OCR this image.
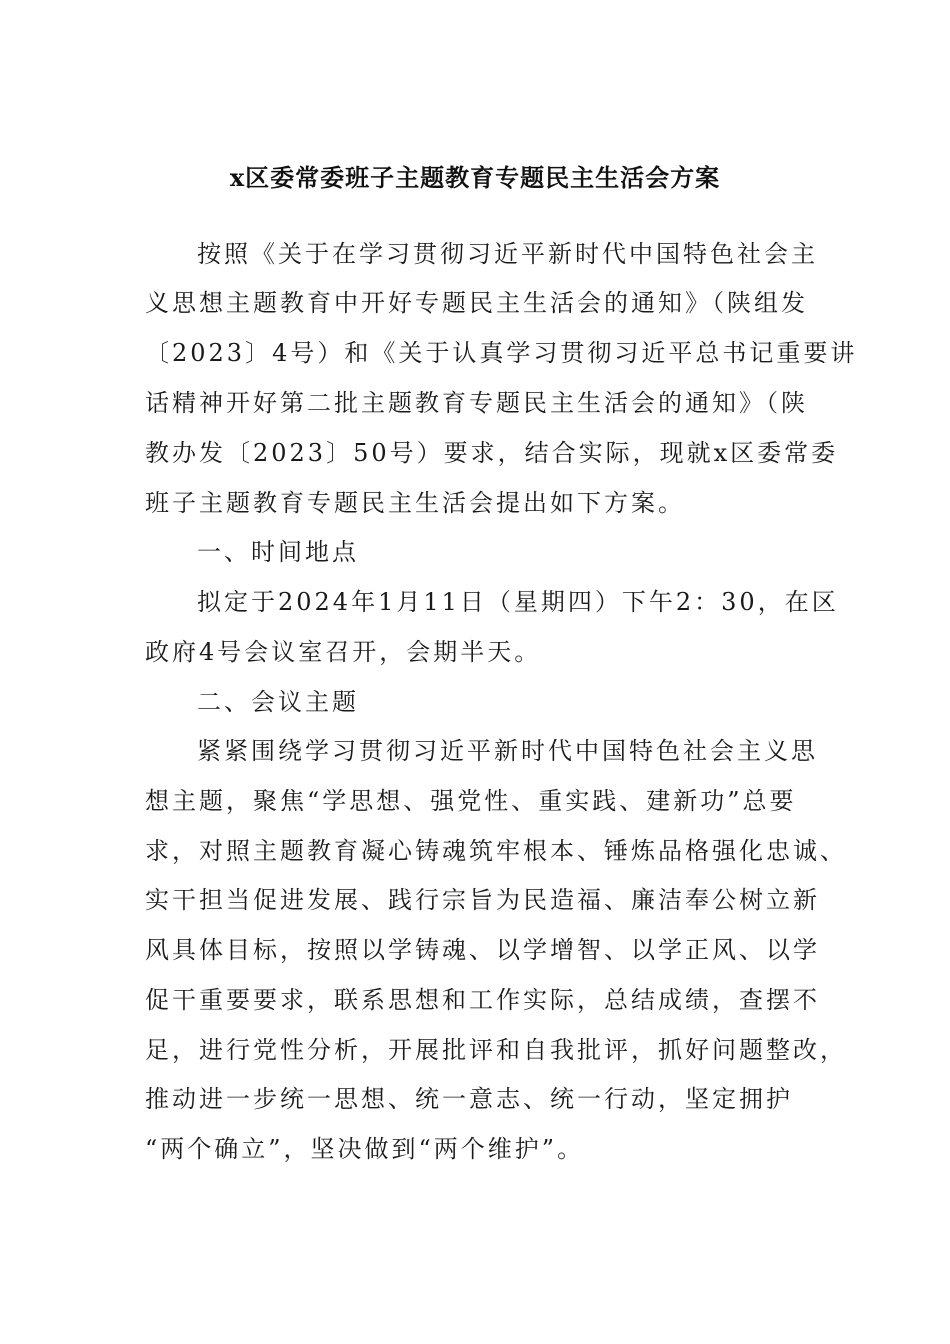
x区委常委班子主题教育专题民主生活会方案
按照《关于在学习贯彻习近平新时代中国特色社会主
义思想主题教育中开好专题民主生活会的通知》（陕组发
〔2023〕4号）和《关于认真学习贯彻习近平总书记重要讲
话精神开好第二批主题教育专题民主生活会的通知》（陕
教办发〔2023〕50号）要求，结合实际，现就x区委常委
班子主题教育专题民主生活会提出如下方案。
一、时间地点
拟定于2024年1月11日（星期四）下午2：30，在区
政府4号会议室召开，会期半天。
二、会议主题
紧紧围绕学习贯彻习近平新时代中国特色社会主义思
想主题，聚焦“学思想、强党性、重实践、建新功”总要
求，对照主题教育凝心铸魂筑牢根本、锤炼品格强化忠诚、
实干担当促进发展、践行宗旨为民造福、廉洁奉公树立新
风具体目标，按照以学铸魂、以学增智、以学正风、以学
促干重要要求，联系思想和工作实际，总结成绩，查摆不
足，进行党性分析，开展批评和自我批评，抓好问题整改，
推动进一步统一思想、统一意志、统一行动，坚定拥护
“两个确立”，坚决做到“两个维护”。
